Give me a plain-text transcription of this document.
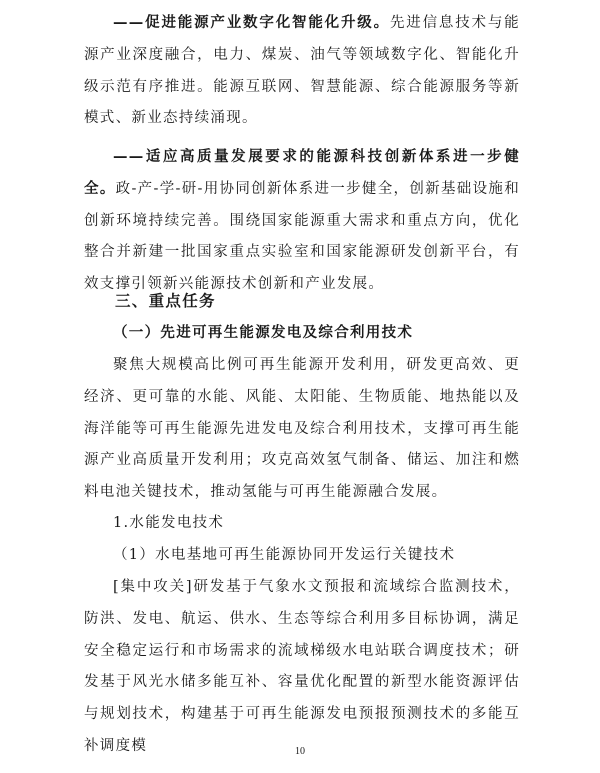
——促进能源产业数字化智能化升级。先进信息技术与能源产业深度融合，电力、煤炭、油气等领域数字化、智能化升级示范有序推进。能源互联网、智慧能源、综合能源服务等新模式、新业态持续涌现。

——适应高质量发展要求的能源科技创新体系进一步健全。政-产-学-研-用协同创新体系进一步健全，创新基础设施和创新环境持续完善。围绕国家能源重大需求和重点方向，优化整合并新建一批国家重点实验室和国家能源研发创新平台，有效支撑引领新兴能源技术创新和产业发展。

三、重点任务

（一）先进可再生能源发电及综合利用技术

聚焦大规模高比例可再生能源开发利用，研发更高效、更经济、更可靠的水能、风能、太阳能、生物质能、地热能以及海洋能等可再生能源先进发电及综合利用技术，支撑可再生能源产业高质量开发利用；攻克高效氢气制备、储运、加注和燃料电池关键技术，推动氢能与可再生能源融合发展。

1.水能发电技术

（1）水电基地可再生能源协同开发运行关键技术

[集中攻关]研发基于气象水文预报和流域综合监测技术，防洪、发电、航运、供水、生态等综合利用多目标协调，满足安全稳定运行和市场需求的流域梯级水电站联合调度技术；研发基于风光水储多能互补、容量优化配置的新型水能资源评估与规划技术，构建基于可再生能源发电预报预测技术的多能互补调度模	10
